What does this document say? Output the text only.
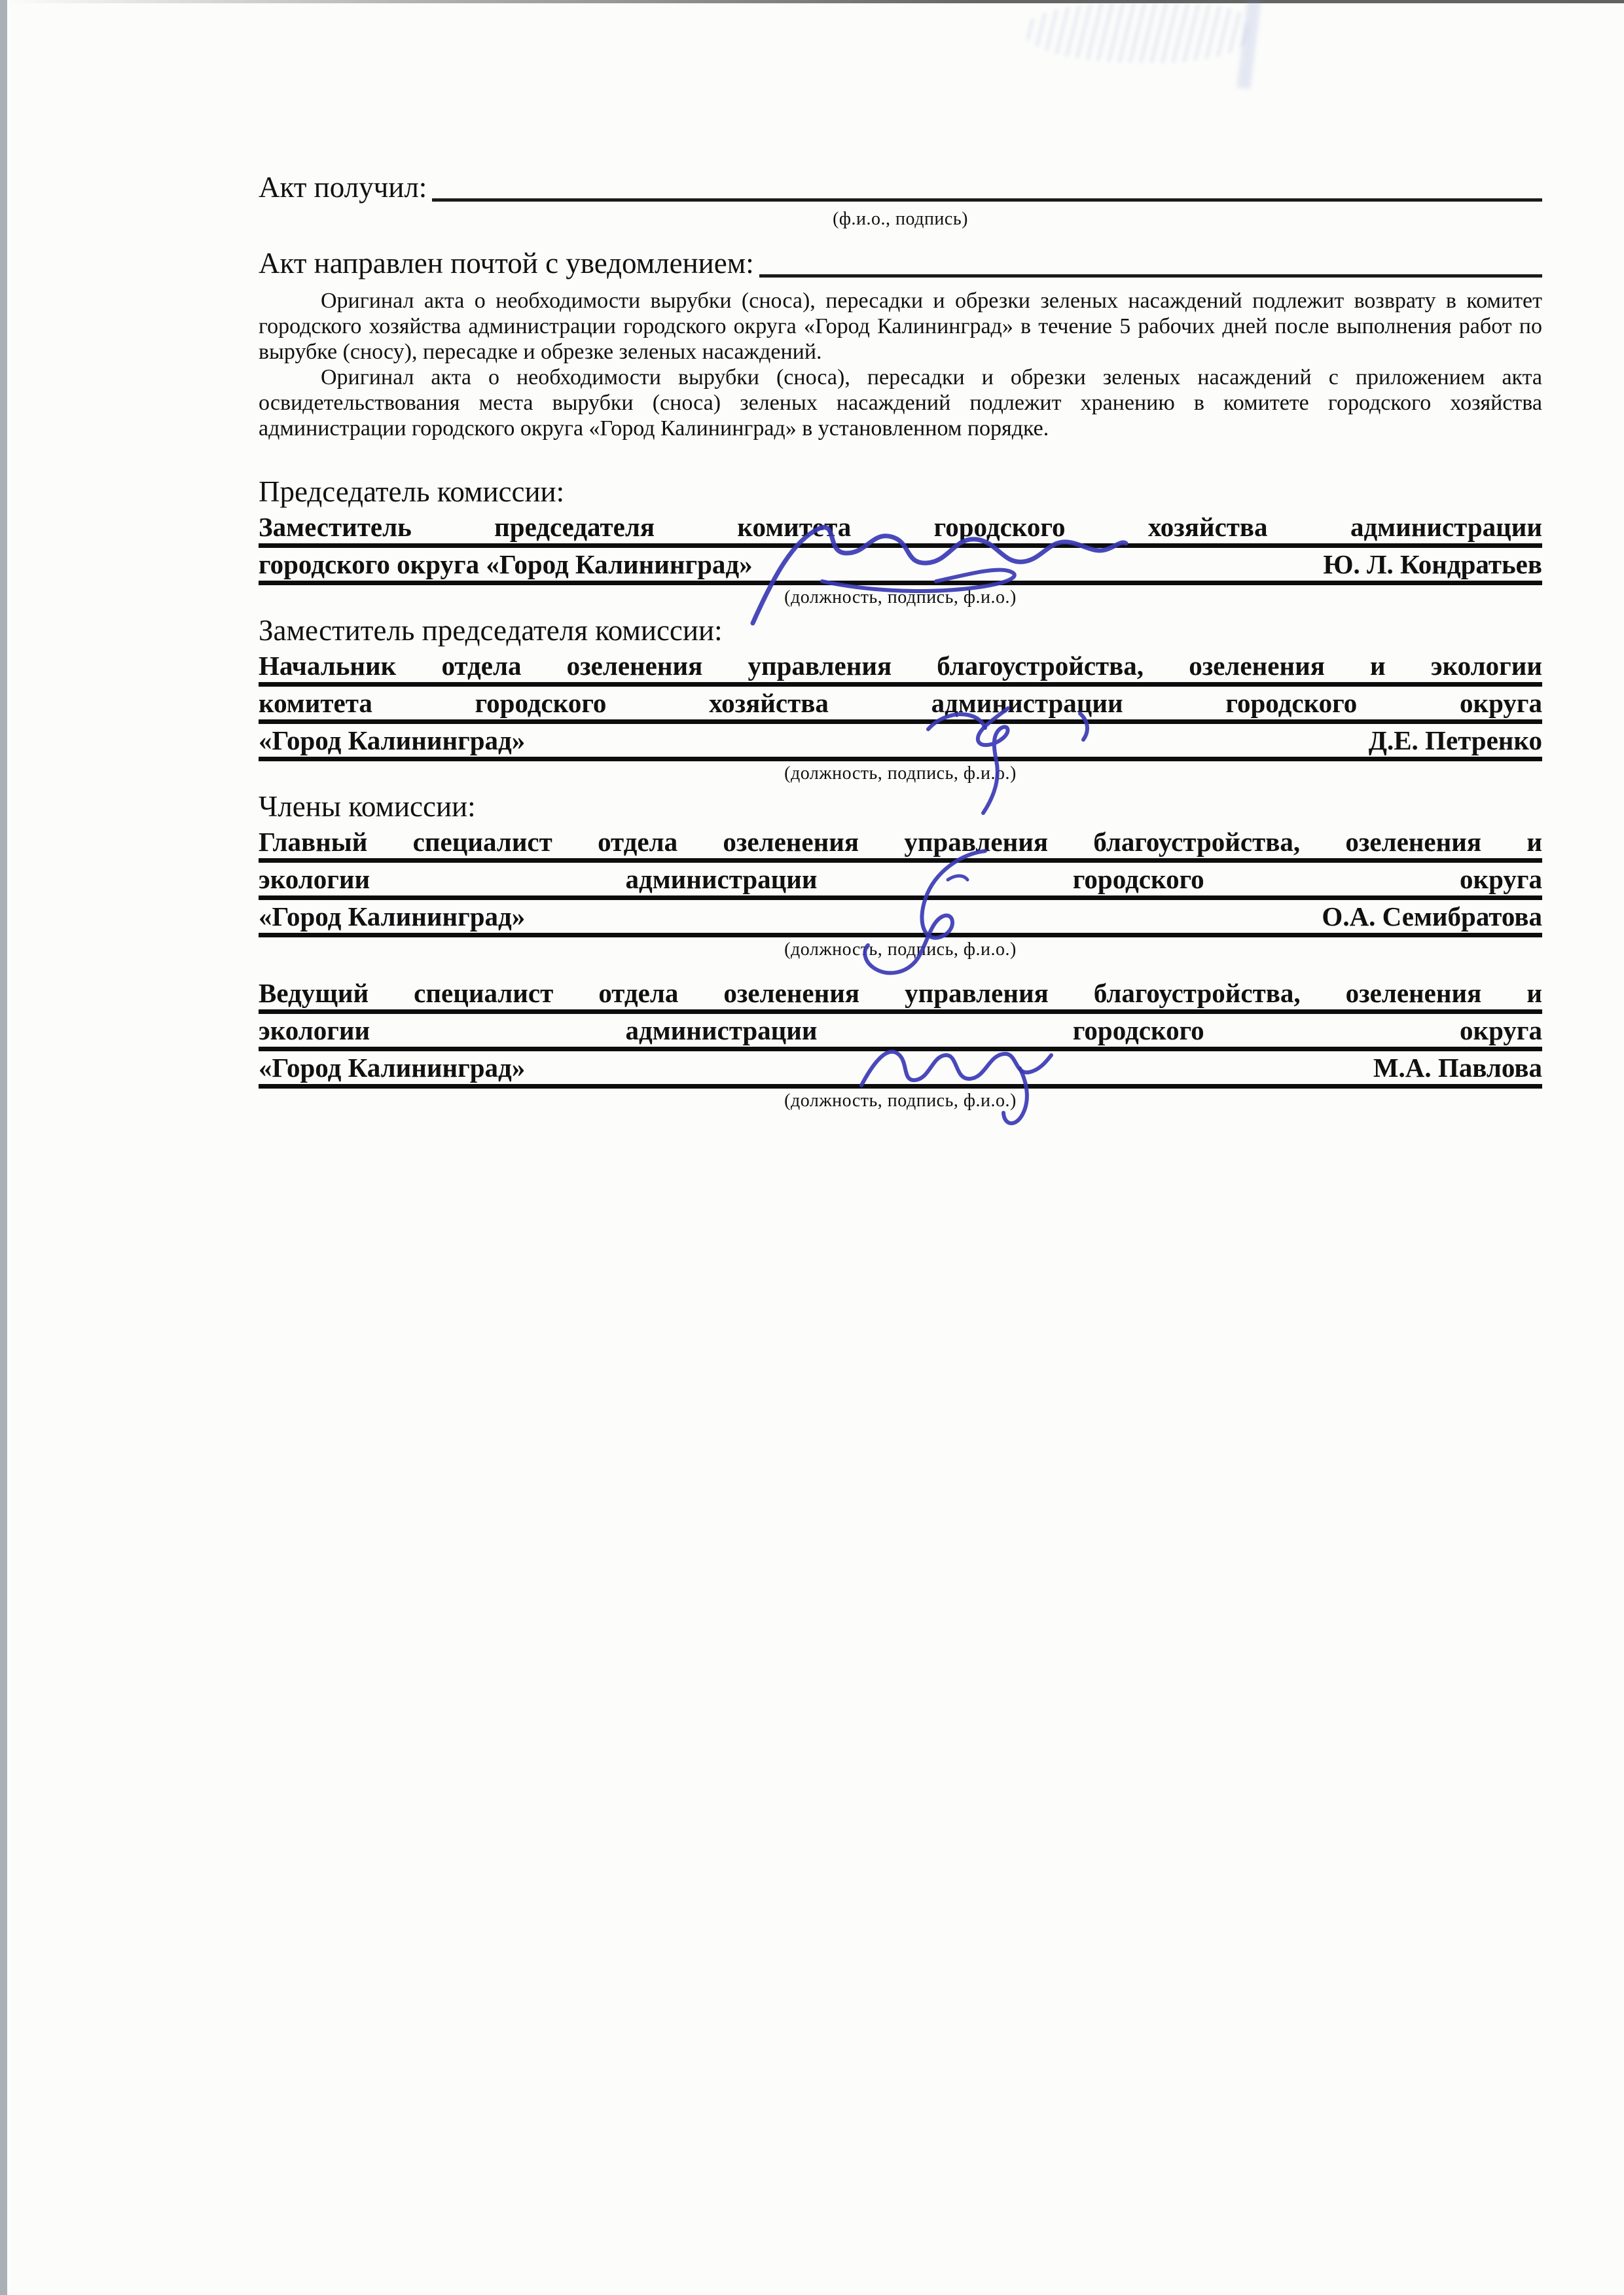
Акт получил:
(ф.и.о., подпись)
Акт направлен почтой с уведомлением:

Оригинал акта о необходимости вырубки (сноса), пересадки и обрезки зеленых насаждений подлежит возврату в комитет городского хозяйства администрации городского округа «Город Калининград» в течение 5 рабочих дней после выполнения работ по вырубке (сносу), пересадке и обрезке зеленых насаждений.

Оригинал акта о необходимости вырубки (сноса), пересадки и обрезки зеленых насаждений с приложением акта освидетельствования места вырубки (сноса) зеленых насаждений подлежит хранению в комитете городского хозяйства администрации городского округа «Город Калининград» в установленном порядке.

Председатель комиссии:
Заместитель председателя комитета городского хозяйства администрации
городского округа «Город Калининград»	Ю. Л. Кондратьев
(должность, подпись, ф.и.о.)
Заместитель председателя комиссии:
Начальник отдела озеленения управления благоустройства, озеленения и экологии
комитета городского хозяйства администрации городского округа
«Город Калининград»	Д.Е. Петренко
(должность, подпись, ф.и.о.)
Члены комиссии:
Главный специалист отдела озеленения управления благоустройства, озеленения и
экологии администрации городского округа
«Город Калининград»	О.А. Семибратова
(должность, подпись, ф.и.о.)
Ведущий специалист отдела озеленения управления благоустройства, озеленения и
экологии администрации городского округа
«Город Калининград»	М.А. Павлова
(должность, подпись, ф.и.о.)
